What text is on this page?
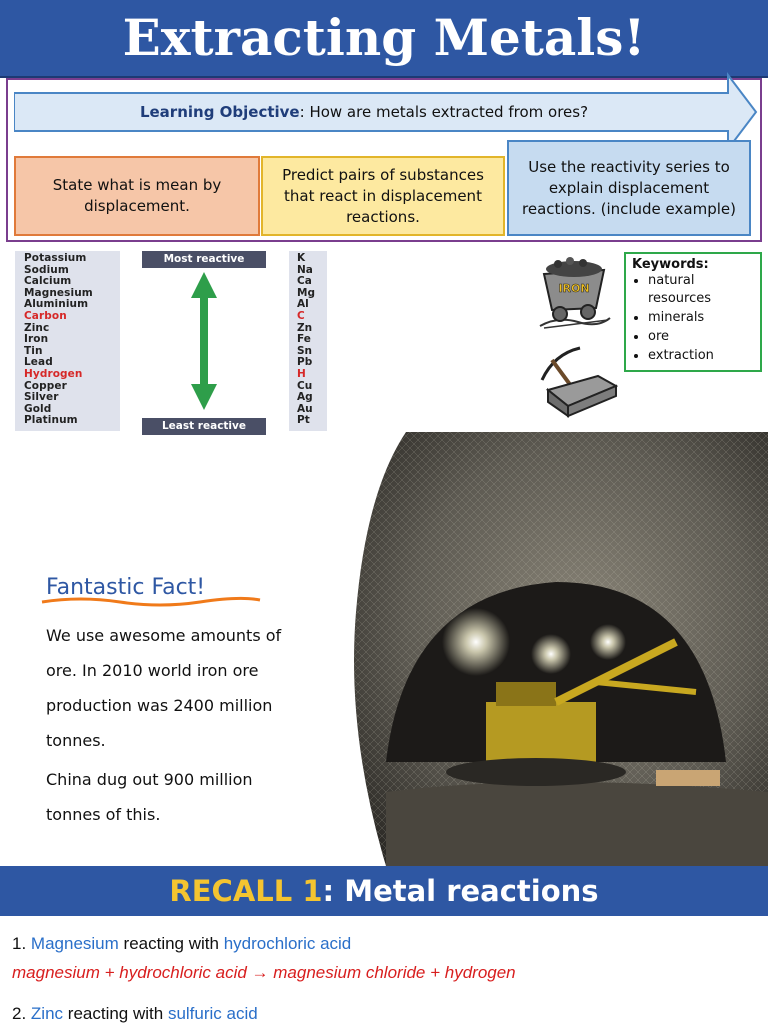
Extracting Metals!
Learning Objective: How are metals extracted from ores?
State what is mean by displacement.
Predict pairs of substances that react in displacement reactions.
Use the reactivity series to explain displacement reactions. (include example)
Potassium
Sodium
Calcium
Magnesium
Aluminium
Carbon
Zinc
Iron
Tin
Lead
Hydrogen
Copper
Silver
Gold
Platinum
Most reactive
Least reactive
K
Na
Ca
Mg
Al
C
Zn
Fe
Sn
Pb
H
Cu
Ag
Au
Pt
IRON
Keywords:
• natural resources
• minerals
• ore
• extraction
Fantastic Fact!

We use awesome amounts of

ore. In 2010 world iron ore

production was 2400 million

tonnes.

China dug out 900 million

tonnes of this.

RECALL 1: Metal reactions
1. Magnesium reacting with hydrochloric acid
magnesium + hydrochloric acid → magnesium chloride + hydrogen
2. Zinc reacting with sulfuric acid
